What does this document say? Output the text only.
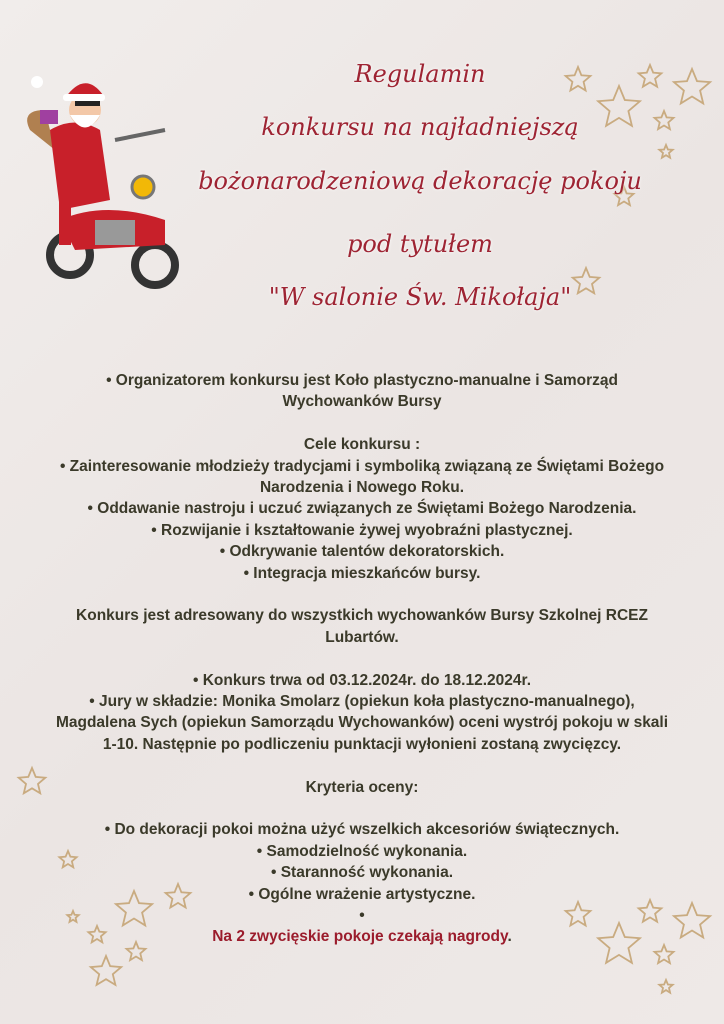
Regulamin
konkursu na najładniejszą
bożonarodzeniową dekorację pokoju
pod tytułem
"W salonie Św. Mikołaja"

• Organizatorem konkursu jest Koło plastyczno-manualne i Samorząd

Wychowanków Bursy

Cele konkursu :

• Zainteresowanie młodzieży tradycjami i symboliką związaną ze Świętami Bożego

Narodzenia i Nowego Roku.

• Oddawanie nastroju i uczuć związanych ze Świętami Bożego Narodzenia.

• Rozwijanie i kształtowanie żywej wyobraźni plastycznej.

• Odkrywanie talentów dekoratorskich.

• Integracja mieszkańców bursy.

Konkurs jest adresowany do wszystkich wychowanków Bursy Szkolnej RCEZ

Lubartów.

• Konkurs trwa od 03.12.2024r. do 18.12.2024r.

• Jury w składzie: Monika Smolarz (opiekun koła plastyczno-manualnego),

Magdalena Sych (opiekun Samorządu Wychowanków) oceni wystrój pokoju w skali

1-10. Następnie po podliczeniu punktacji wyłonieni zostaną zwycięzcy.

Kryteria oceny:

• Do dekoracji pokoi można użyć wszelkich akcesoriów świątecznych.

• Samodzielność wykonania.

• Staranność wykonania.

• Ogólne wrażenie artystyczne.

•

Na 2 zwycięskie pokoje czekają nagrody.
